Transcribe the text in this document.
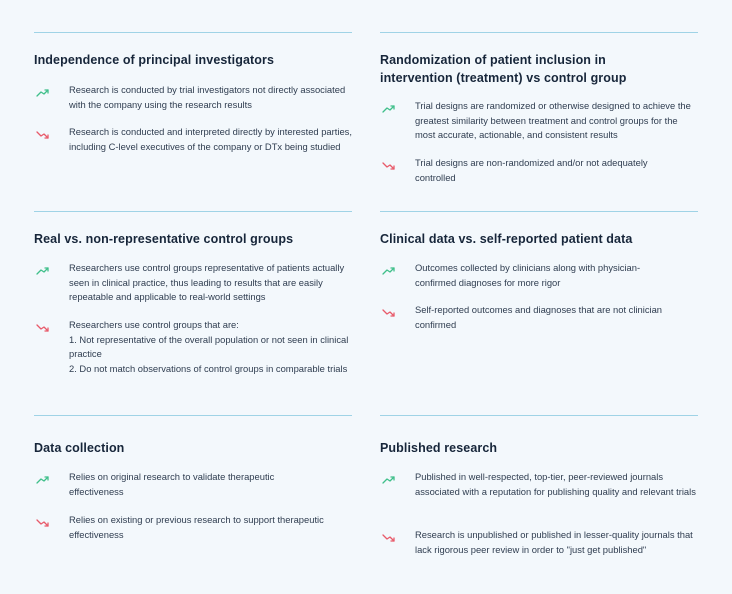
Independence of principal investigators
Research is conducted by trial investigators not directly associated with the company using the research results
Research is conducted and interpreted directly by interested parties, including C-level executives of the company or DTx being studied
Randomization of patient inclusion in intervention (treatment) vs control group
Trial designs are randomized or otherwise designed to achieve the greatest similarity between treatment and control groups for the most accurate, actionable, and consistent results
Trial designs are non-randomized and/or not adequately controlled
Real vs. non-representative control groups
Researchers use control groups representative of patients actually seen in clinical practice, thus leading to results that are easily repeatable and applicable to real-world settings
Researchers use control groups that are:
1. Not representative of the overall population or not seen in clinical practice
2. Do not match observations of control groups in comparable trials
Clinical data vs. self-reported patient data
Outcomes collected by clinicians along with physician-confirmed diagnoses for more rigor
Self-reported outcomes and diagnoses that are not clinician confirmed
Data collection
Relies on original research to validate therapeutic effectiveness
Relies on existing or previous research to support therapeutic effectiveness
Published research
Published in well-respected, top-tier, peer-reviewed journals associated with a reputation for publishing quality and relevant trials
Research is unpublished or published in lesser-quality journals that lack rigorous peer review in order to "just get published"
